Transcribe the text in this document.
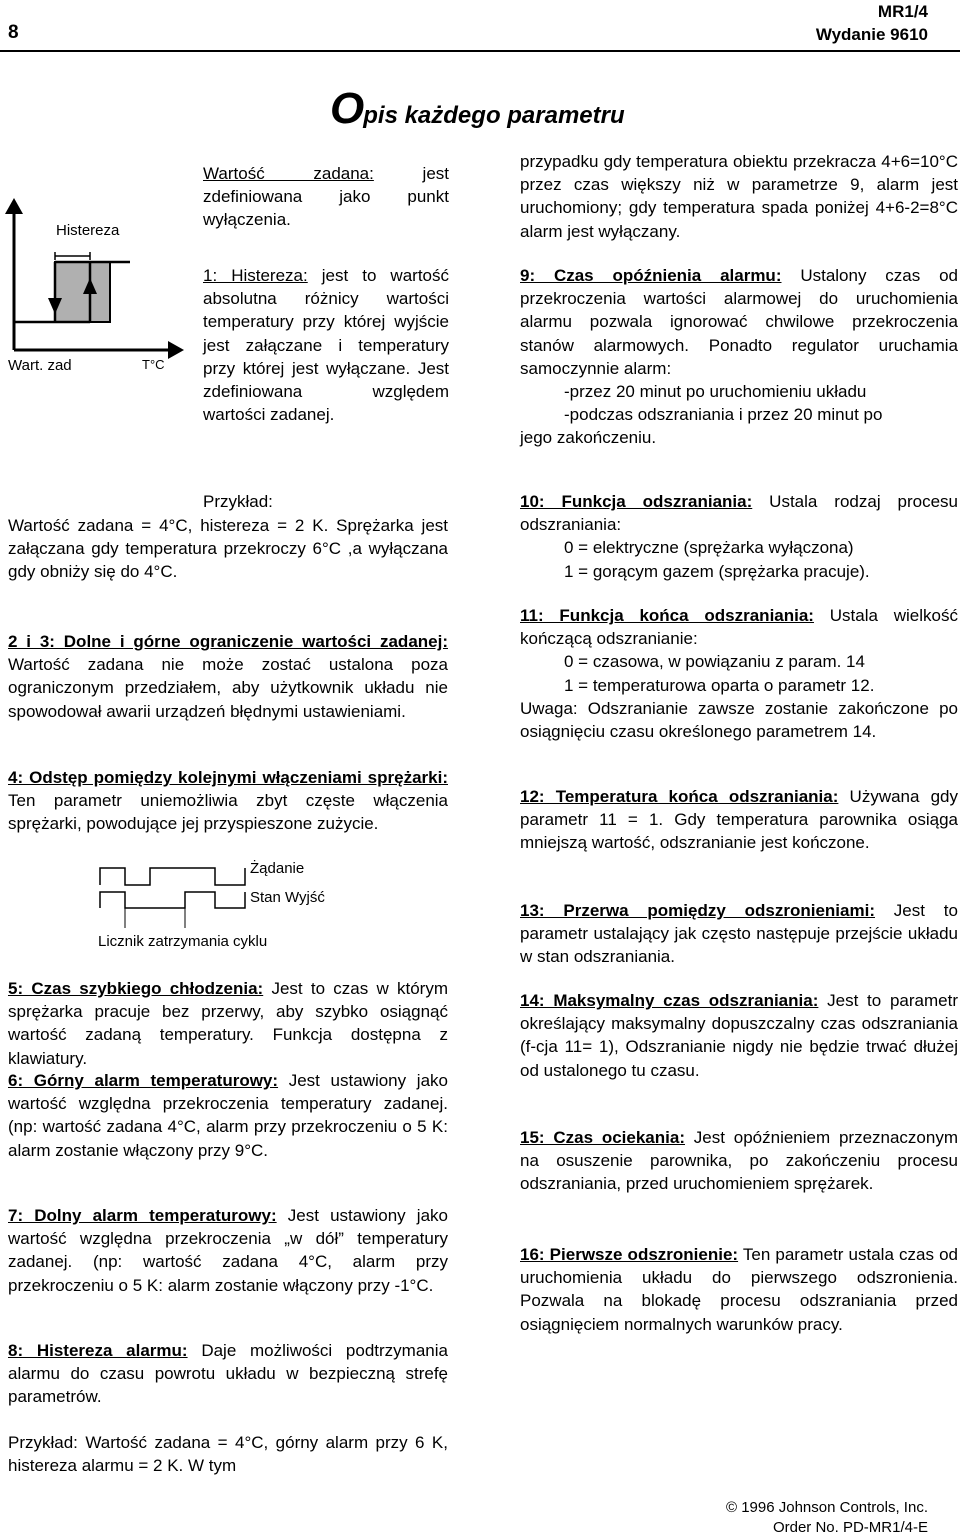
8
MR1/4
Wydanie 9610
Opis każdego parametru
Histereza
Wart. zad	T°C
Wartość zadana: jest zdefiniowana jako punkt wyłączenia.
1: Histereza: jest to wartość absolutna różnicy wartości temperatury przy której wyjście jest załączane i temperatury przy której jest wyłączane. Jest zdefiniowana względem wartości zadanej.
Przykład:
Wartość zadana = 4°C, histereza = 2 K. Sprężarka jest załączana gdy temperatura przekroczy 6°C ,a wyłączana gdy obniży się do 4°C.
2 i 3: Dolne i górne ograniczenie wartości zadanej: Wartość zadana nie może zostać ustalona poza ograniczonym przedziałem, aby użytkownik układu nie spowodował awarii urządzeń błędnymi ustawieniami.
4: Odstęp pomiędzy kolejnymi włączeniami sprężarki: Ten parametr uniemożliwia zbyt częste włączenia sprężarki, powodujące jej przyspieszone zużycie.
Żądanie
Stan Wyjść
Licznik zatrzymania cyklu
5: Czas szybkiego chłodzenia: Jest to czas w którym sprężarka pracuje bez przerwy, aby szybko osiągnąć wartość zadaną temperatury. Funkcja dostępna z klawiatury.
6: Górny alarm temperaturowy: Jest ustawiony jako wartość względna przekroczenia temperatury zadanej. (np: wartość zadana 4°C, alarm przy przekroczeniu o 5 K: alarm zostanie włączony przy 9°C.
7: Dolny alarm temperaturowy: Jest ustawiony jako wartość względna przekroczenia „w dół” temperatury zadanej. (np: wartość zadana 4°C, alarm przy przekroczeniu o 5 K: alarm zostanie włączony przy -1°C.
8: Histereza alarmu: Daje możliwości podtrzymania alarmu do czasu powrotu układu w bezpieczną strefę parametrów.
Przykład: Wartość zadana = 4°C, górny alarm przy 6 K, histereza alarmu = 2 K. W tym
przypadku gdy temperatura obiektu przekracza 4+6=10°C przez czas większy niż w parametrze 9, alarm jest uruchomiony; gdy temperatura spada poniżej 4+6-2=8°C alarm jest wyłączany.
9: Czas opóźnienia alarmu: Ustalony czas od przekroczenia wartości alarmowej do uruchomienia alarmu pozwala ignorować chwilowe przekroczenia stanów alarmowych. Ponadto regulator uruchamia samoczynnie alarm:
-przez 20 minut po uruchomieniu układu
-podczas odszraniania i przez 20 minut po
jego zakończeniu.
10: Funkcja odszraniania: Ustala rodzaj procesu odszraniania:
0 = elektryczne (sprężarka wyłączona)
1 = gorącym gazem (sprężarka pracuje).
11: Funkcja końca odszraniania: Ustala wielkość kończącą odszranianie:
0 = czasowa, w powiązaniu z param. 14
1 = temperaturowa oparta o parametr 12.
Uwaga: Odszranianie zawsze zostanie zakończone po osiągnięciu czasu określonego parametrem 14.
12: Temperatura końca odszraniania: Używana gdy parametr 11 = 1. Gdy temperatura parownika osiąga mniejszą wartość, odszranianie jest kończone.
13: Przerwa pomiędzy odszronieniami: Jest to parametr ustalający jak często następuje przejście układu w stan odszraniania.
14: Maksymalny czas odszraniania: Jest to parametr określający maksymalny dopuszczalny czas odszraniania (f-cja 11= 1), Odszranianie nigdy nie będzie trwać dłużej od ustalonego tu czasu.
15: Czas ociekania: Jest opóźnieniem przeznaczonym na osuszenie parownika, po zakończeniu procesu odszraniania, przed uruchomieniem sprężarek.
16: Pierwsze odszronienie: Ten parametr ustala czas od uruchomienia układu do pierwszego odszronienia. Pozwala na blokadę procesu odszraniania przed osiągnięciem normalnych warunków pracy.
© 1996 Johnson Controls, Inc.
Order No. PD-MR1/4-E
